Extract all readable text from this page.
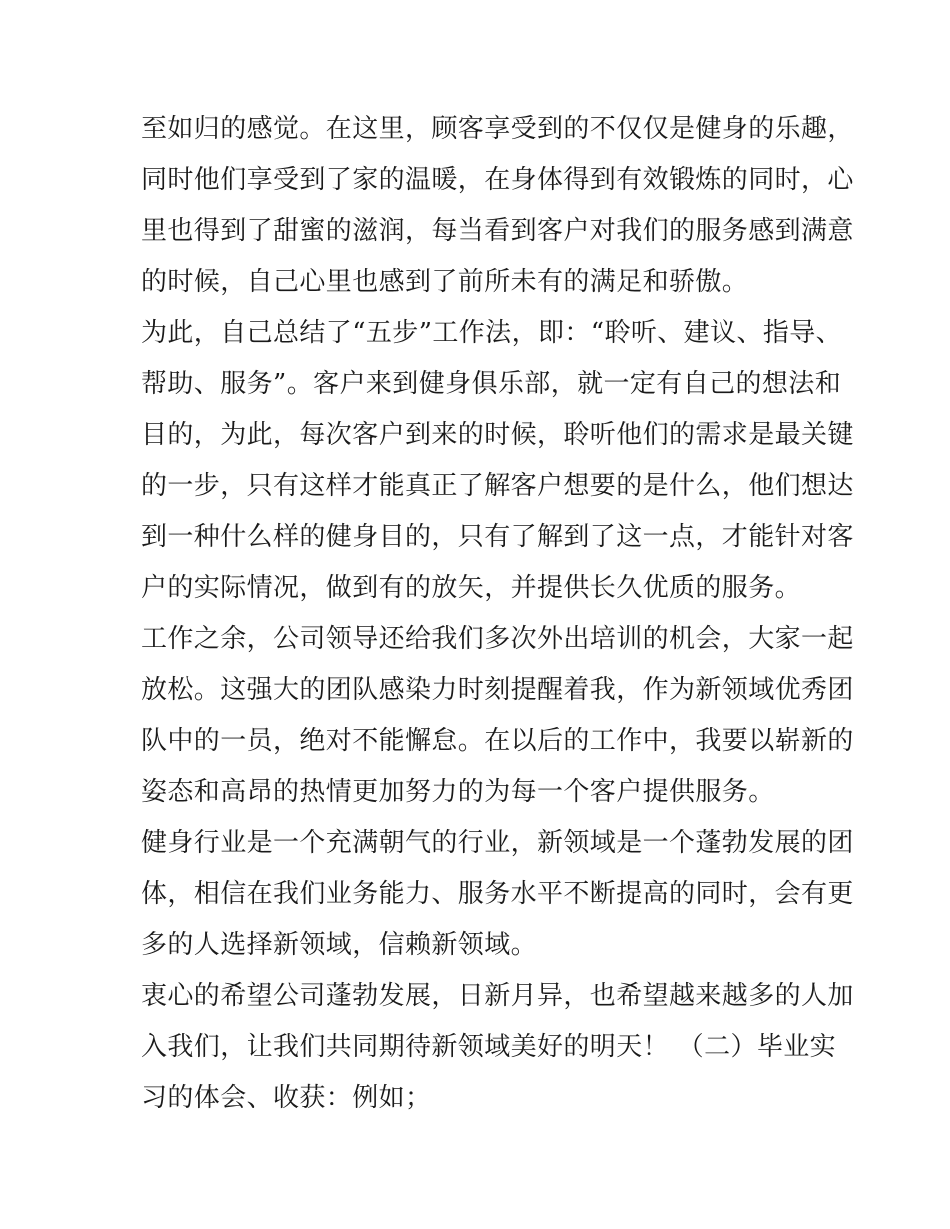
至如归的感觉。在这里，顾客享受到的不仅仅是健身的乐趣，
同时他们享受到了家的温暖，在身体得到有效锻炼的同时，心
里也得到了甜蜜的滋润，每当看到客户对我们的服务感到满意
的时候，自己心里也感到了前所未有的满足和骄傲。
为此，自己总结了“五步”工作法，即：“聆听、建议、指导、
帮助、服务”。客户来到健身俱乐部，就一定有自己的想法和
目的，为此，每次客户到来的时候，聆听他们的需求是最关键
的一步，只有这样才能真正了解客户想要的是什么，他们想达
到一种什么样的健身目的，只有了解到了这一点，才能针对客
户的实际情况，做到有的放矢，并提供长久优质的服务。
工作之余，公司领导还给我们多次外出培训的机会，大家一起
放松。这强大的团队感染力时刻提醒着我，作为新领域优秀团
队中的一员，绝对不能懈怠。在以后的工作中，我要以崭新的
姿态和高昂的热情更加努力的为每一个客户提供服务。
健身行业是一个充满朝气的行业，新领域是一个蓬勃发展的团
体，相信在我们业务能力、服务水平不断提高的同时，会有更
多的人选择新领域，信赖新领域。
衷心的希望公司蓬勃发展，日新月异，也希望越来越多的人加
入我们，让我们共同期待新领域美好的明天！ （二）毕业实
习的体会、收获：例如；
